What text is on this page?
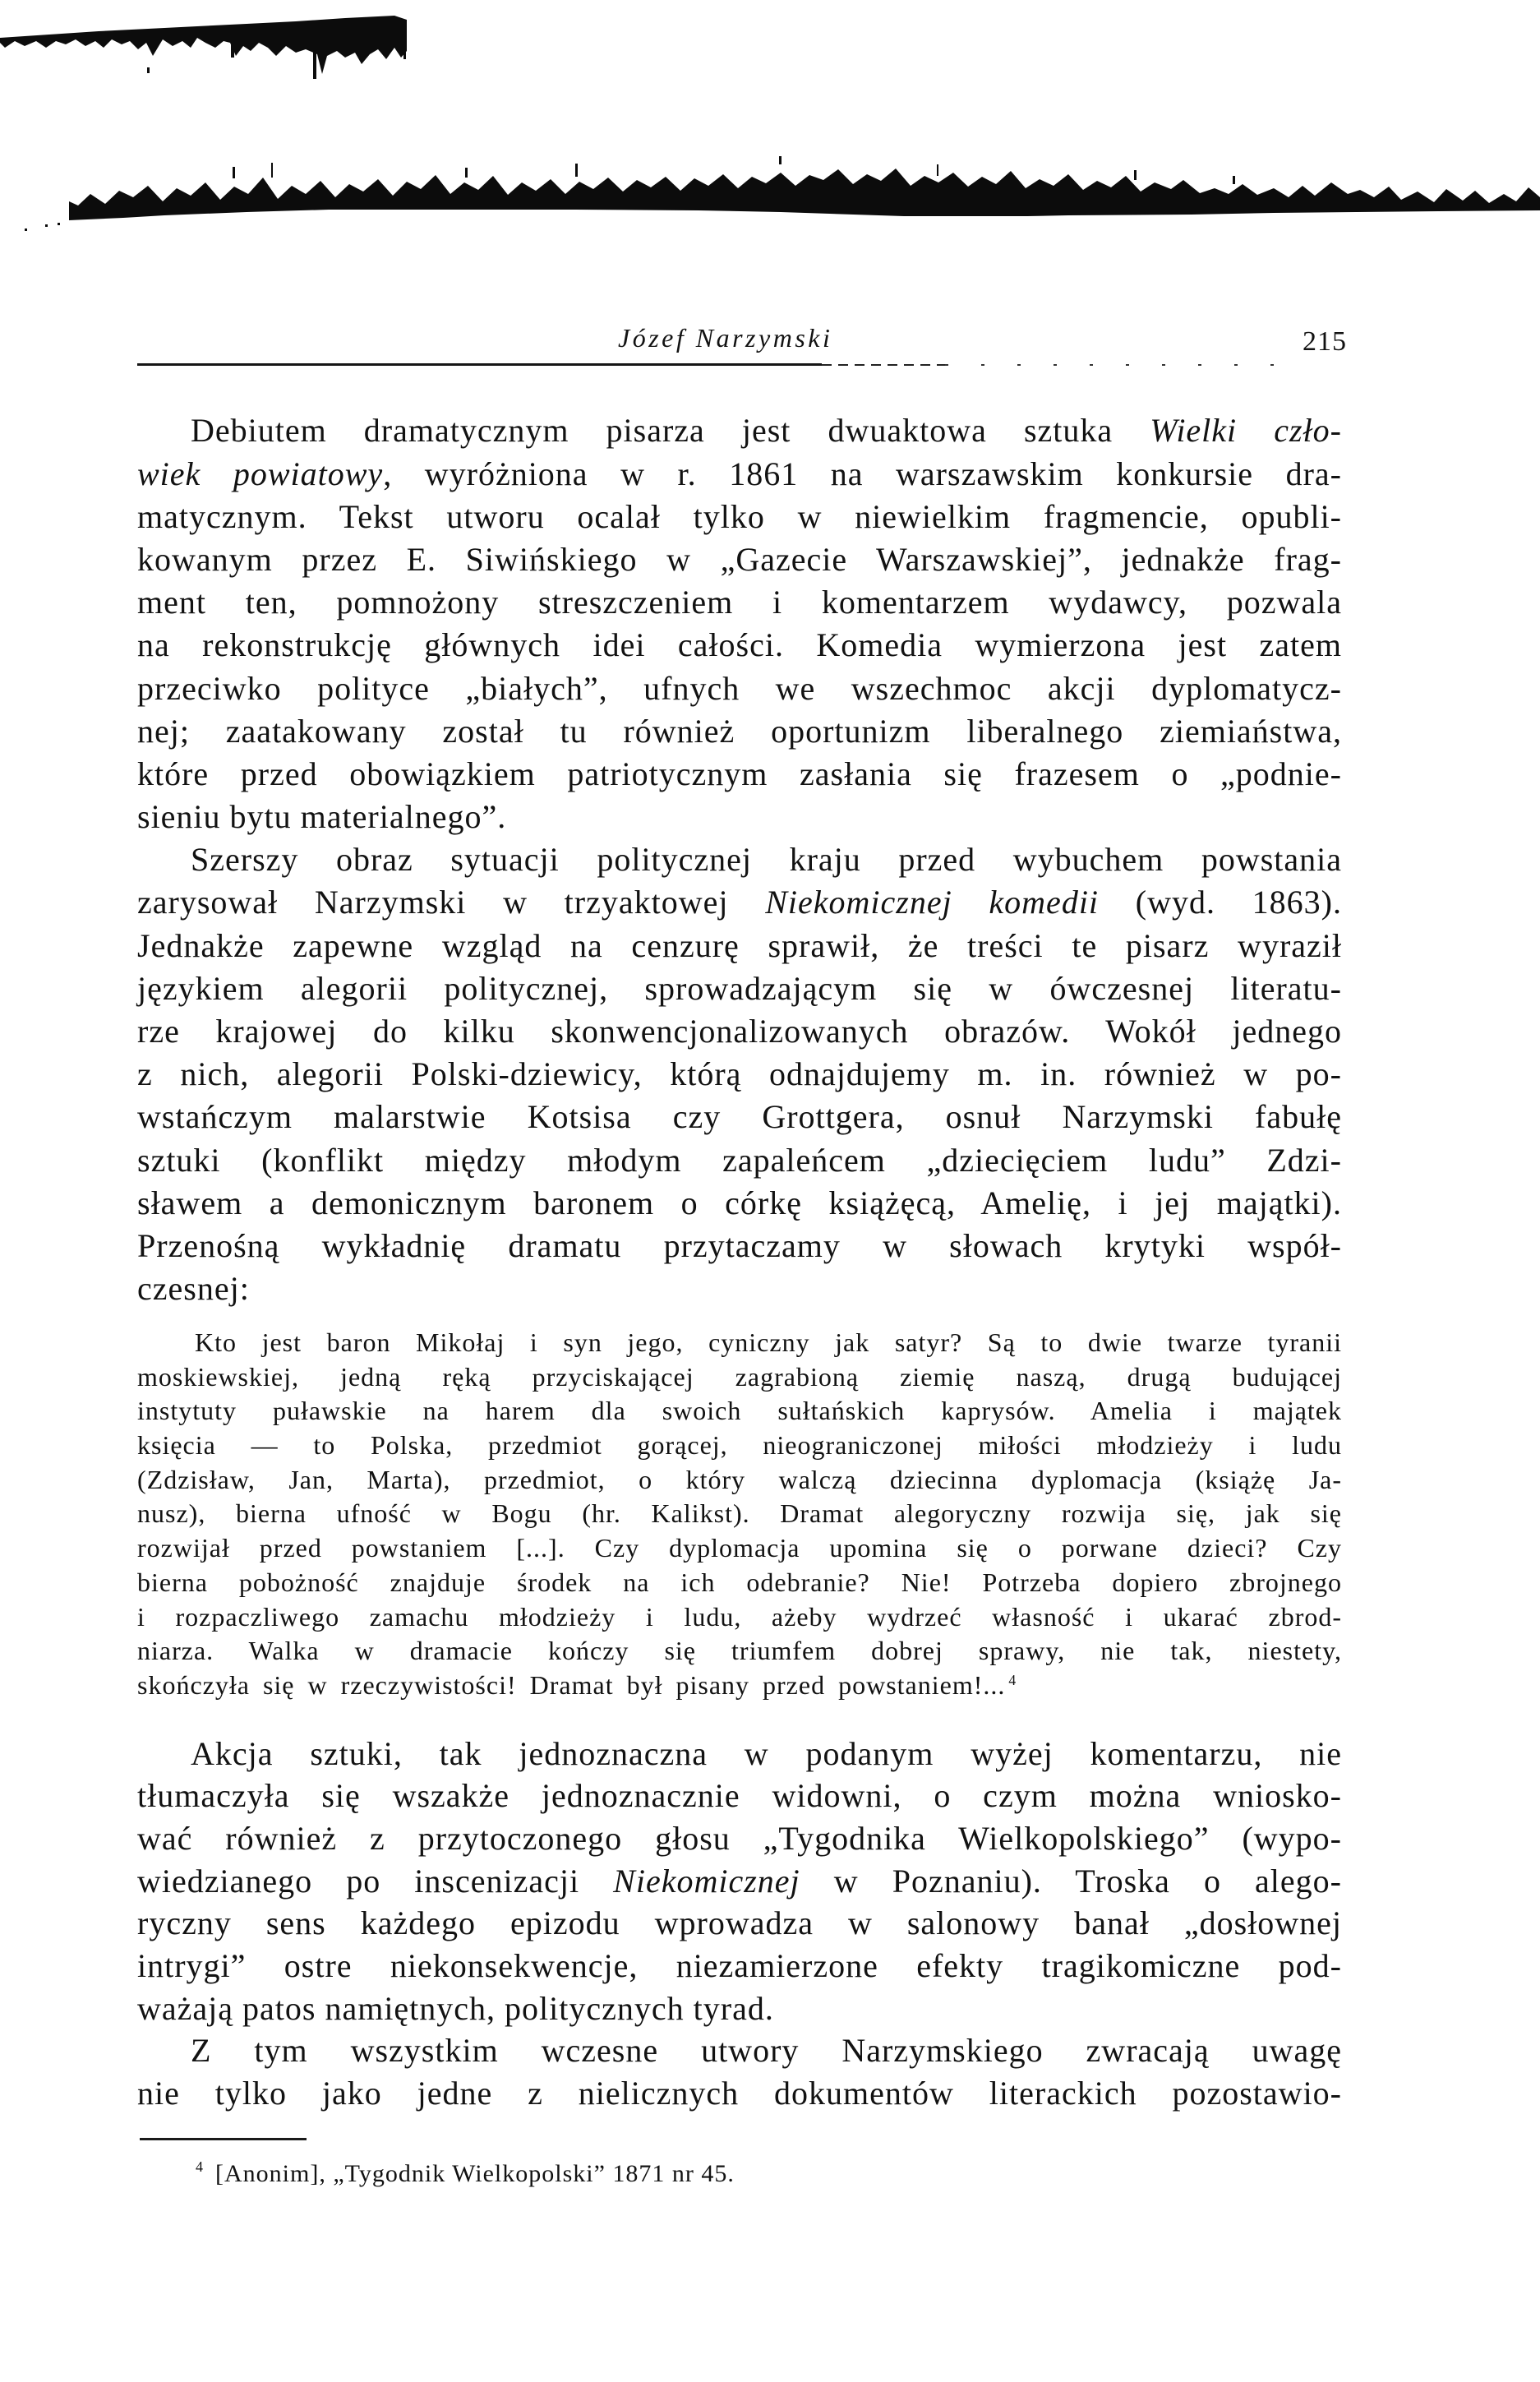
Józef Narzymski	215
Debiutem dramatycznym pisarza jest dwuaktowa sztuka Wielki czło-
wiek powiatowy, wyróżniona w r. 1861 na warszawskim konkursie dra-
matycznym. Tekst utworu ocalał tylko w niewielkim fragmencie, opubli-
kowanym przez E. Siwińskiego w „Gazecie Warszawskiej”, jednakże frag-
ment ten, pomnożony streszczeniem i komentarzem wydawcy, pozwala
na rekonstrukcję głównych idei całości. Komedia wymierzona jest zatem
przeciwko polityce „białych”, ufnych we wszechmoc akcji dyplomatycz-
nej; zaatakowany został tu również oportunizm liberalnego ziemiaństwa,
które przed obowiązkiem patriotycznym zasłania się frazesem o „podnie-
sieniu bytu materialnego”.
Szerszy obraz sytuacji politycznej kraju przed wybuchem powstania
zarysował Narzymski w trzyaktowej Niekomicznej komedii (wyd. 1863).
Jednakże zapewne wzgląd na cenzurę sprawił, że treści te pisarz wyraził
językiem alegorii politycznej, sprowadzającym się w ówczesnej literatu-
rze krajowej do kilku skonwencjonalizowanych obrazów. Wokół jednego
z nich, alegorii Polski-dziewicy, którą odnajdujemy m. in. również w po-
wstańczym malarstwie Kotsisa czy Grottgera, osnuł Narzymski fabułę
sztuki (konflikt między młodym zapaleńcem „dziecięciem ludu” Zdzi-
sławem a demonicznym baronem o córkę książęcą, Amelię, i jej majątki).
Przenośną wykładnię dramatu przytaczamy w słowach krytyki współ-
czesnej:
Kto jest baron Mikołaj i syn jego, cyniczny jak satyr? Są to dwie twarze tyranii
moskiewskiej, jedną ręką przyciskającej zagrabioną ziemię naszą, drugą budującej
instytuty puławskie na harem dla swoich sułtańskich kaprysów. Amelia i majątek
księcia — to Polska, przedmiot gorącej, nieograniczonej miłości młodzieży i ludu
(Zdzisław, Jan, Marta), przedmiot, o który walczą dziecinna dyplomacja (książę Ja-
nusz), bierna ufność w Bogu (hr. Kalikst). Dramat alegoryczny rozwija się, jak się
rozwijał przed powstaniem [...]. Czy dyplomacja upomina się o porwane dzieci? Czy
bierna pobożność znajduje środek na ich odebranie? Nie! Potrzeba dopiero zbrojnego
i rozpaczliwego zamachu młodzieży i ludu, ażeby wydrzeć własność i ukarać zbrod-
niarza. Walka w dramacie kończy się triumfem dobrej sprawy, nie tak, niestety,
skończyła się w rzeczywistości! Dramat był pisany przed powstaniem!... $^4$
Akcja sztuki, tak jednoznaczna w podanym wyżej komentarzu, nie
tłumaczyła się wszakże jednoznacznie widowni, o czym można wniosko-
wać również z przytoczonego głosu „Tygodnika Wielkopolskiego” (wypo-
wiedzianego po inscenizacji Niekomicznej w Poznaniu). Troska o alego-
ryczny sens każdego epizodu wprowadza w salonowy banał „dosłownej
intrygi” ostre niekonsekwencje, niezamierzone efekty tragikomiczne pod-
ważają patos namiętnych, politycznych tyrad.
Z tym wszystkim wczesne utwory Narzymskiego zwracają uwagę
nie tylko jako jedne z nielicznych dokumentów literackich pozostawio-
$^4$ [Anonim], „Tygodnik Wielkopolski” 1871 nr 45.
